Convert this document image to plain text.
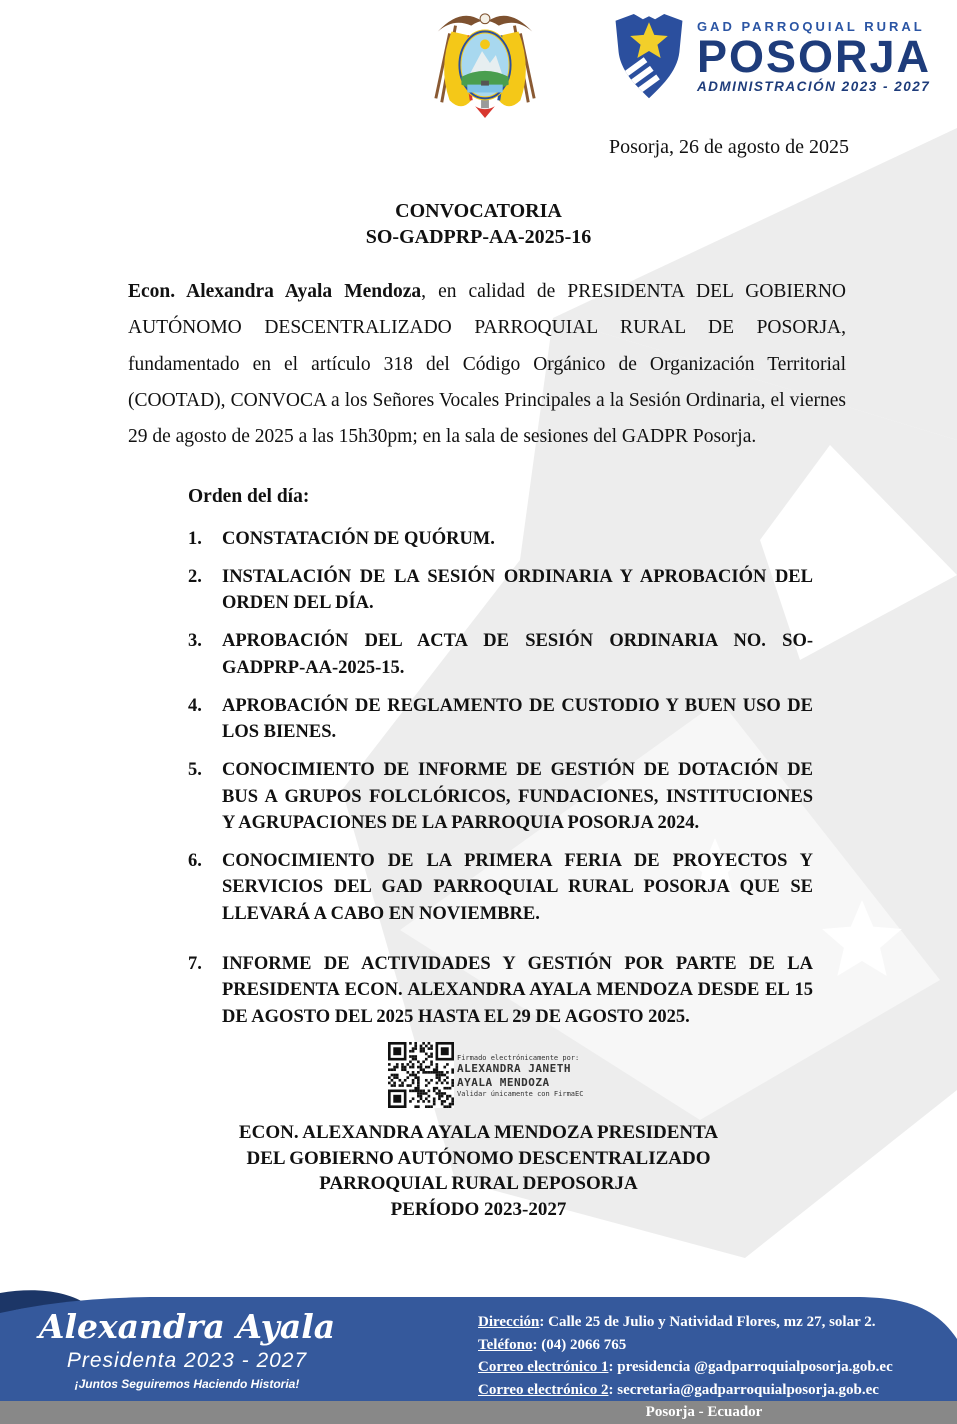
GAD PARROQUIAL RURAL
POSORJA
ADMINISTRACIÓN 2023 - 2027
Posorja, 26 de agosto de 2025
CONVOCATORIA
SO-GADPRP-AA-2025-16

Econ. Alexandra Ayala Mendoza, en calidad de PRESIDENTA DEL GOBIERNO AUTÓNOMO DESCENTRALIZADO PARROQUIAL RURAL DE POSORJA, fundamentado en el artículo 318 del Código Orgánico de Organización Territorial (COOTAD), CONVOCA a los Señores Vocales Principales a la Sesión Ordinaria, el viernes 29 de agosto de 2025 a las 15h30pm; en la sala de sesiones del GADPR Posorja.

Orden del día:
1. CONSTATACIÓN DE QUÓRUM.
2. INSTALACIÓN DE LA SESIÓN ORDINARIA Y APROBACIÓN DEL ORDEN DEL DÍA.
3. APROBACIÓN DEL ACTA DE SESIÓN ORDINARIA NO. SO-GADPRP-AA-2025-15.
4. APROBACIÓN DE REGLAMENTO DE CUSTODIO Y BUEN USO DE LOS BIENES.
5. CONOCIMIENTO DE INFORME DE GESTIÓN DE DOTACIÓN DE BUS A GRUPOS FOLCLÓRICOS, FUNDACIONES, INSTITUCIONES Y AGRUPACIONES DE LA PARROQUIA POSORJA 2024.
6. CONOCIMIENTO DE LA PRIMERA FERIA DE PROYECTOS Y SERVICIOS DEL GAD PARROQUIAL RURAL POSORJA QUE SE LLEVARÁ A CABO EN NOVIEMBRE.
7. INFORME DE ACTIVIDADES Y GESTIÓN POR PARTE DE LA PRESIDENTA ECON. ALEXANDRA AYALA MENDOZA DESDE EL 15 DE AGOSTO DEL 2025 HASTA EL 29 DE AGOSTO 2025.
Firmado electrónicamente por:
ALEXANDRA JANETH
AYALA MENDOZA
Validar únicamente con FirmaEC
ECON. ALEXANDRA AYALA MENDOZA PRESIDENTA
DEL GOBIERNO AUTÓNOMO DESCENTRALIZADO
PARROQUIAL RURAL DEPOSORJA
PERÍODO 2023-2027
Alexandra Ayala
Presidenta 2023 - 2027
¡Juntos Seguiremos Haciendo Historia!
Dirección: Calle 25 de Julio y Natividad Flores, mz 27, solar 2.
Teléfono: (04) 2066 765
Correo electrónico 1: presidencia @gadparroquialposorja.gob.ec
Correo electrónico 2: secretaria@gadparroquialposorja.gob.ec
Posorja - Ecuador
